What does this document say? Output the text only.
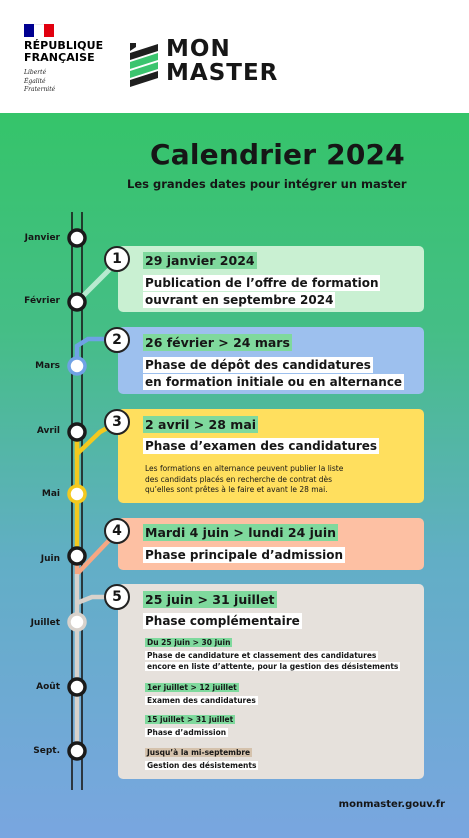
RÉPUBLIQUE
FRANÇAISE
Liberté
Égalité
Fraternité
MON
MASTER
Calendrier 2024
Les grandes dates pour intégrer un master
Janvier
Février
Mars
Avril
Mai
Juin
Juillet
Août
Sept.
1	29 janvier 2024
Publication de l’offre de formation
ouvrant en septembre 2024
2	26 février > 24 mars
Phase de dépôt des candidatures
en formation initiale ou en alternance
3	2 avril > 28 mai
Phase d’examen des candidatures
Les formations en alternance peuvent publier la liste
des candidats placés en recherche de contrat dès
qu’elles sont prêtes à le faire et avant le 28 mai.
4	Mardi 4 juin > lundi 24 juin
Phase principale d’admission
5	25 juin > 31 juillet
Phase complémentaire
Du 25 juin > 30 juin
Phase de candidature et classement des candidatures
encore en liste d’attente, pour la gestion des désistements
1er juillet > 12 juillet
Examen des candidatures
15 juillet > 31 juillet
Phase d’admission
Jusqu’à la mi-septembre
Gestion des désistements
monmaster.gouv.fr
